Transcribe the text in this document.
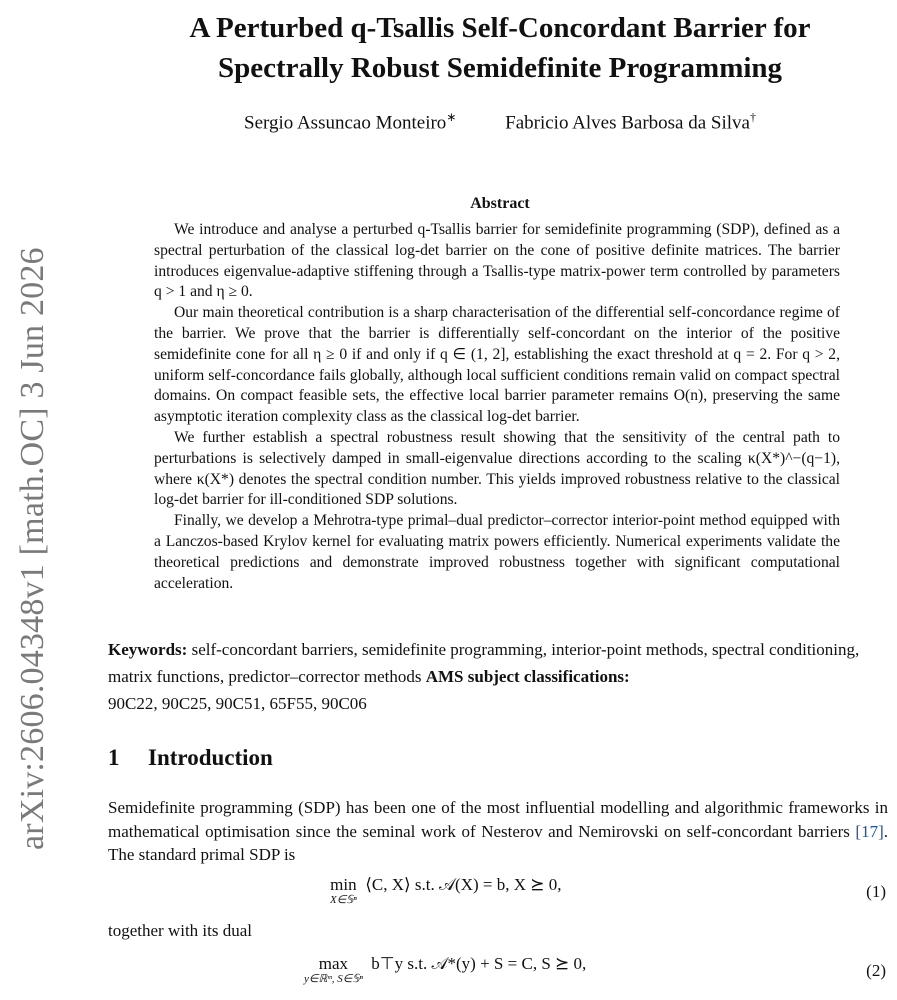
arXiv:2606.04348v1 [math.OC] 3 Jun 2026
A Perturbed q-Tsallis Self-Concordant Barrier for
Spectrally Robust Semidefinite Programming
Sergio Assuncao Monteiro∗	Fabricio Alves Barbosa da Silva†
Abstract

We introduce and analyse a perturbed q-Tsallis barrier for semidefinite programming (SDP), defined as a spectral perturbation of the classical log-det barrier on the cone of positive definite matrices. The barrier introduces eigenvalue-adaptive stiffening through a Tsallis-type matrix-power term controlled by parameters q > 1 and η ≥ 0.

Our main theoretical contribution is a sharp characterisation of the differential self-concordance regime of the barrier. We prove that the barrier is differentially self-concordant on the interior of the positive semidefinite cone for all η ≥ 0 if and only if q ∈ (1, 2], establishing the exact threshold at q = 2. For q > 2, uniform self-concordance fails globally, although local sufficient conditions remain valid on compact spectral domains. On compact feasible sets, the effective local barrier parameter remains O(n), preserving the same asymptotic iteration complexity class as the classical log-det barrier.

We further establish a spectral robustness result showing that the sensitivity of the central path to perturbations is selectively damped in small-eigenvalue directions according to the scaling κ(X*)^−(q−1), where κ(X*) denotes the spectral condition number. This yields improved robustness relative to the classical log-det barrier for ill-conditioned SDP solutions.

Finally, we develop a Mehrotra-type primal–dual predictor–corrector interior-point method equipped with a Lanczos-based Krylov kernel for evaluating matrix powers efficiently. Numerical experiments validate the theoretical predictions and demonstrate improved robustness together with significant computational acceleration.

Keywords: self-concordant barriers, semidefinite programming, interior-point methods, spectral conditioning, matrix functions, predictor–corrector methods AMS subject classifications:
90C22, 90C25, 90C51, 65F55, 90C06
1 Introduction

Semidefinite programming (SDP) has been one of the most influential modelling and algorithmic frameworks in mathematical optimisation since the seminal work of Nesterov and Nemirovski on self-concordant barriers [17]. The standard primal SDP is

min
X∈𝕊ⁿ
⟨C, X⟩ s.t. 𝒜(X) = b, X ⪰ 0,	(1)
together with its dual
max
y∈ℝᵐ, S∈𝕊ⁿ
b⊤y s.t. 𝒜*(y) + S = C, S ⪰ 0,	(2)
